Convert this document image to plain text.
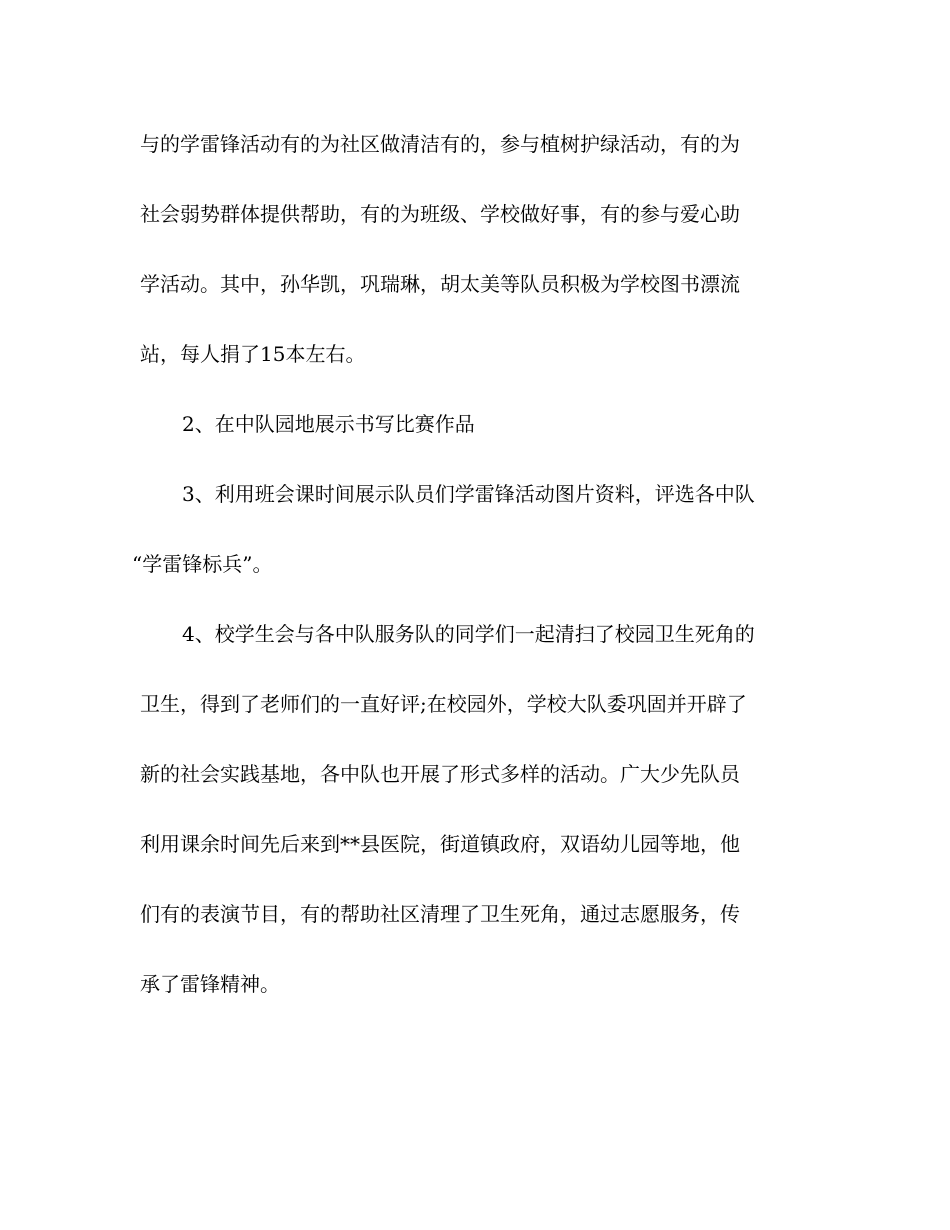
与的学雷锋活动有的为社区做清洁有的，参与植树护绿活动，有的为
社会弱势群体提供帮助，有的为班级、学校做好事，有的参与爱心助
学活动。其中，孙华凯，巩瑞琳，胡太美等队员积极为学校图书漂流
站，每人捐了15本左右。
2、在中队园地展示书写比赛作品
3、利用班会课时间展示队员们学雷锋活动图片资料，评选各中队
“学雷锋标兵”。
4、校学生会与各中队服务队的同学们一起清扫了校园卫生死角的
卫生，得到了老师们的一直好评;在校园外，学校大队委巩固并开辟了
新的社会实践基地，各中队也开展了形式多样的活动。广大少先队员
利用课余时间先后来到**县医院，街道镇政府，双语幼儿园等地，他
们有的表演节目，有的帮助社区清理了卫生死角，通过志愿服务，传
承了雷锋精神。
